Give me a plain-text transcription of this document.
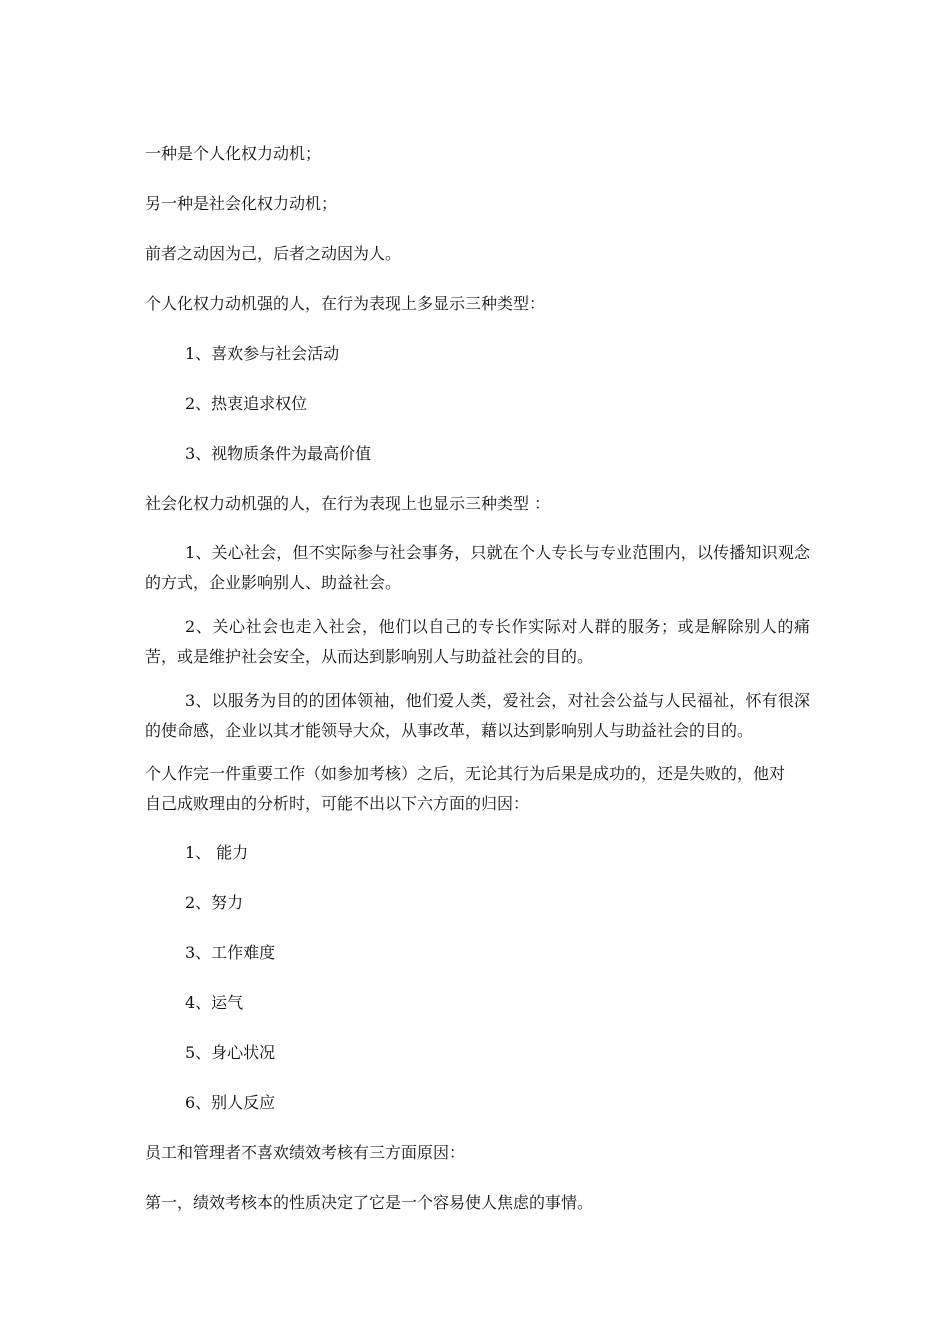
一种是个人化权力动机；

另一种是社会化权力动机；

前者之动因为己，后者之动因为人。

个人化权力动机强的人，在行为表现上多显示三种类型：

1、喜欢参与社会活动

2、热衷追求权位

3、视物质条件为最高价值

社会化权力动机强的人，在行为表现上也显示三种类型 ：

1、关心社会，但不实际参与社会事务，只就在个人专长与专业范围内，以传播知识观念的方式，企业影响别人、助益社会。

2、关心社会也走入社会，他们以自己的专长作实际对人群的服务；或是解除别人的痛苦，或是维护社会安全，从而达到影响别人与助益社会的目的。

3、以服务为目的的团体领袖，他们爱人类，爱社会，对社会公益与人民福祉，怀有很深的使命感，企业以其才能领导大众，从事改革，藉以达到影响别人与助益社会的目的。

个人作完一件重要工作（如参加考核）之后，无论其行为后果是成功的，还是失败的，他对

自己成败理由的分析时，可能不出以下六方面的归因：

1、 能力

2、努力

3、工作难度

4、运气

5、身心状况

6、别人反应

员工和管理者不喜欢绩效考核有三方面原因：

第一，绩效考核本的性质决定了它是一个容易使人焦虑的事情。
